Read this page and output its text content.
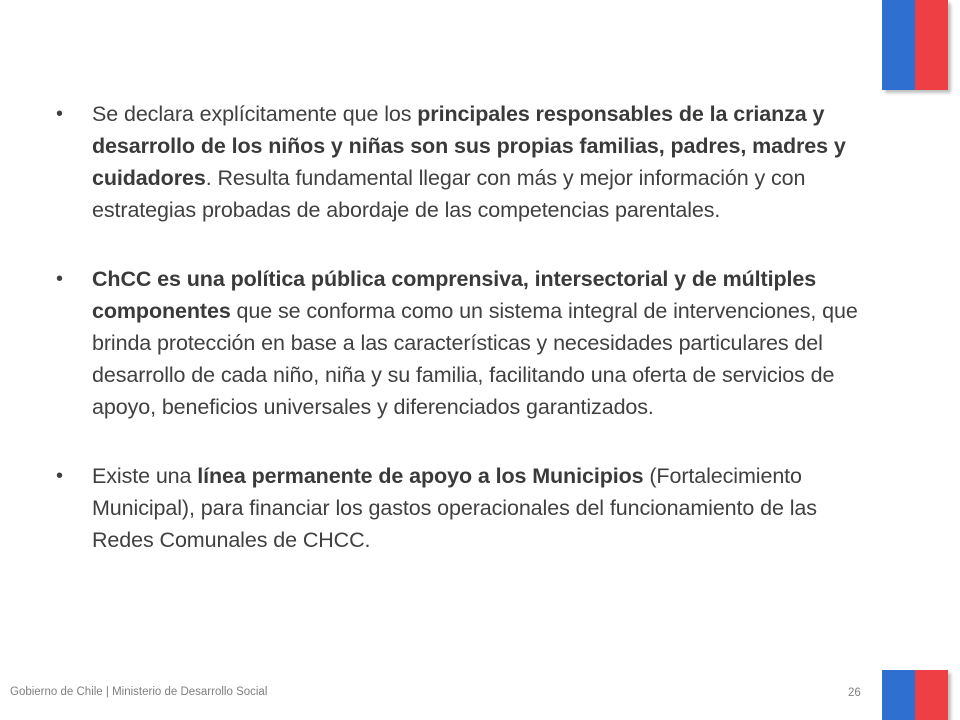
•	Se declara explícitamente que los principales responsables de la crianza y desarrollo de los niños y niñas son sus propias familias, padres, madres y cuidadores. Resulta fundamental llegar con más y mejor información y con estrategias probadas de abordaje de las competencias parentales.
•	ChCC es una política pública comprensiva, intersectorial y de múltiples componentes que se conforma como un sistema integral de intervenciones, que brinda protección en base a las características y necesidades particulares del desarrollo de cada niño, niña y su familia, facilitando una oferta de servicios de apoyo, beneficios universales y diferenciados garantizados.
•	Existe una línea permanente de apoyo a los Municipios (Fortalecimiento Municipal), para financiar los gastos operacionales del funcionamiento de las Redes Comunales de CHCC.
Gobierno de Chile | Ministerio de Desarrollo Social	26
